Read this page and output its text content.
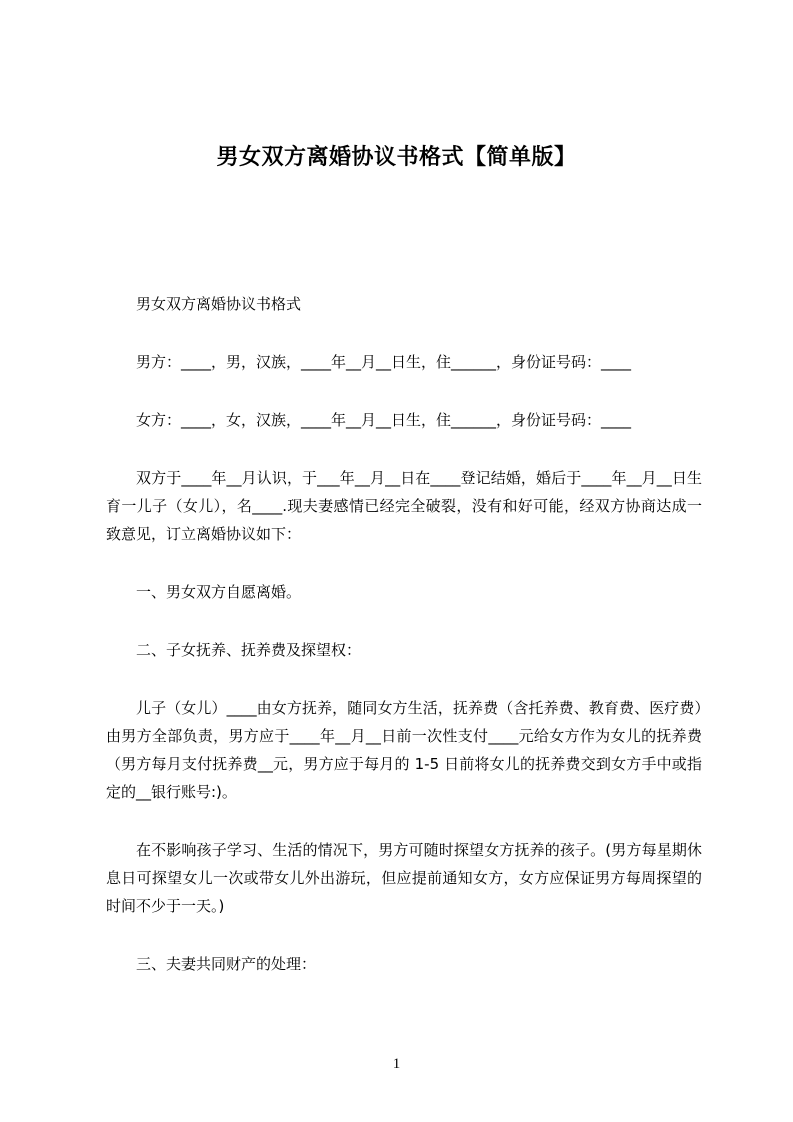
男女双方离婚协议书格式【简单版】

男女双方离婚协议书格式

男方：____，男，汉族，____年__月__日生，住______，身份证号码：____

女方：____，女，汉族，____年__月__日生，住______，身份证号码：____

双方于____年__月认识，于___年__月__日在____登记结婚，婚后于____年__月__日生育一儿子（女儿），名____.现夫妻感情已经完全破裂，没有和好可能，经双方协商达成一致意见，订立离婚协议如下：

一、男女双方自愿离婚。

二、子女抚养、抚养费及探望权：

儿子（女儿）____由女方抚养，随同女方生活，抚养费（含托养费、教育费、医疗费）由男方全部负责，男方应于____年__月__日前一次性支付____元给女方作为女儿的抚养费（男方每月支付抚养费__元，男方应于每月的 1-5 日前将女儿的抚养费交到女方手中或指定的__银行账号:)。

在不影响孩子学习、生活的情况下，男方可随时探望女方抚养的孩子。(男方每星期休息日可探望女儿一次或带女儿外出游玩，但应提前通知女方，女方应保证男方每周探望的时间不少于一天。)

三、夫妻共同财产的处理：

1
